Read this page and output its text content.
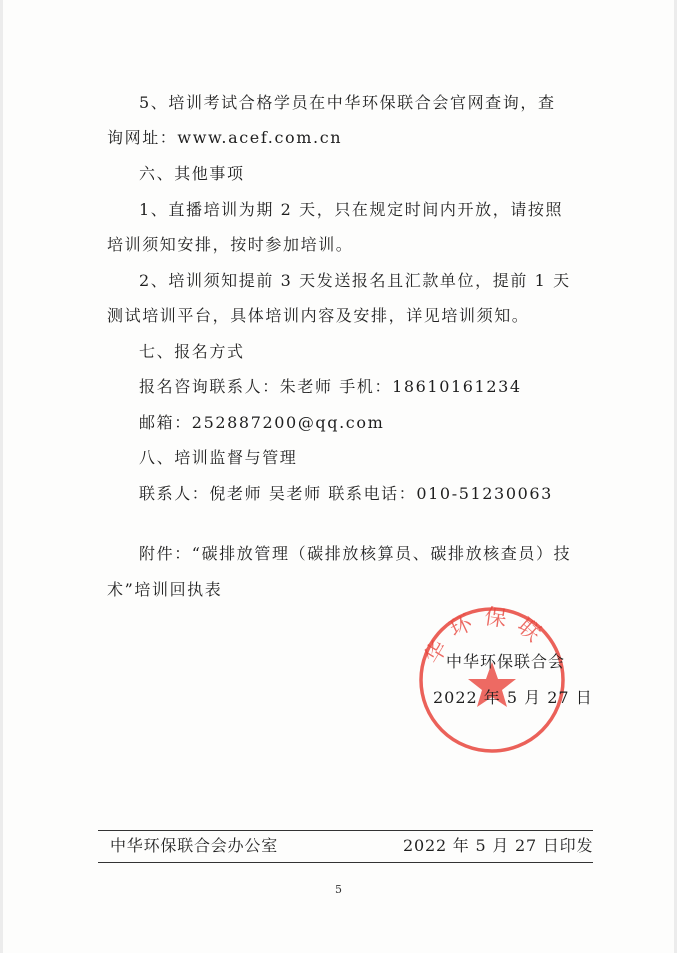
5、培训考试合格学员在中华环保联合会官网查询，查
询网址：www.acef.com.cn
六、其他事项
1、直播培训为期 2 天，只在规定时间内开放，请按照
培训须知安排，按时参加培训。
2、培训须知提前 3 天发送报名且汇款单位，提前 1 天
测试培训平台，具体培训内容及安排，详见培训须知。
七、报名方式
报名咨询联系人：朱老师 手机：18610161234
邮箱：252887200@qq.com
八、培训监督与管理
联系人：倪老师 吴老师 联系电话：010-51230063
附件：“碳排放管理（碳排放核算员、碳排放核查员）技
术”培训回执表
华环保联
中华环保联合会
2022 年 5 月 27 日
中华环保联合会办公室	2022 年 5 月 27 日印发
5
